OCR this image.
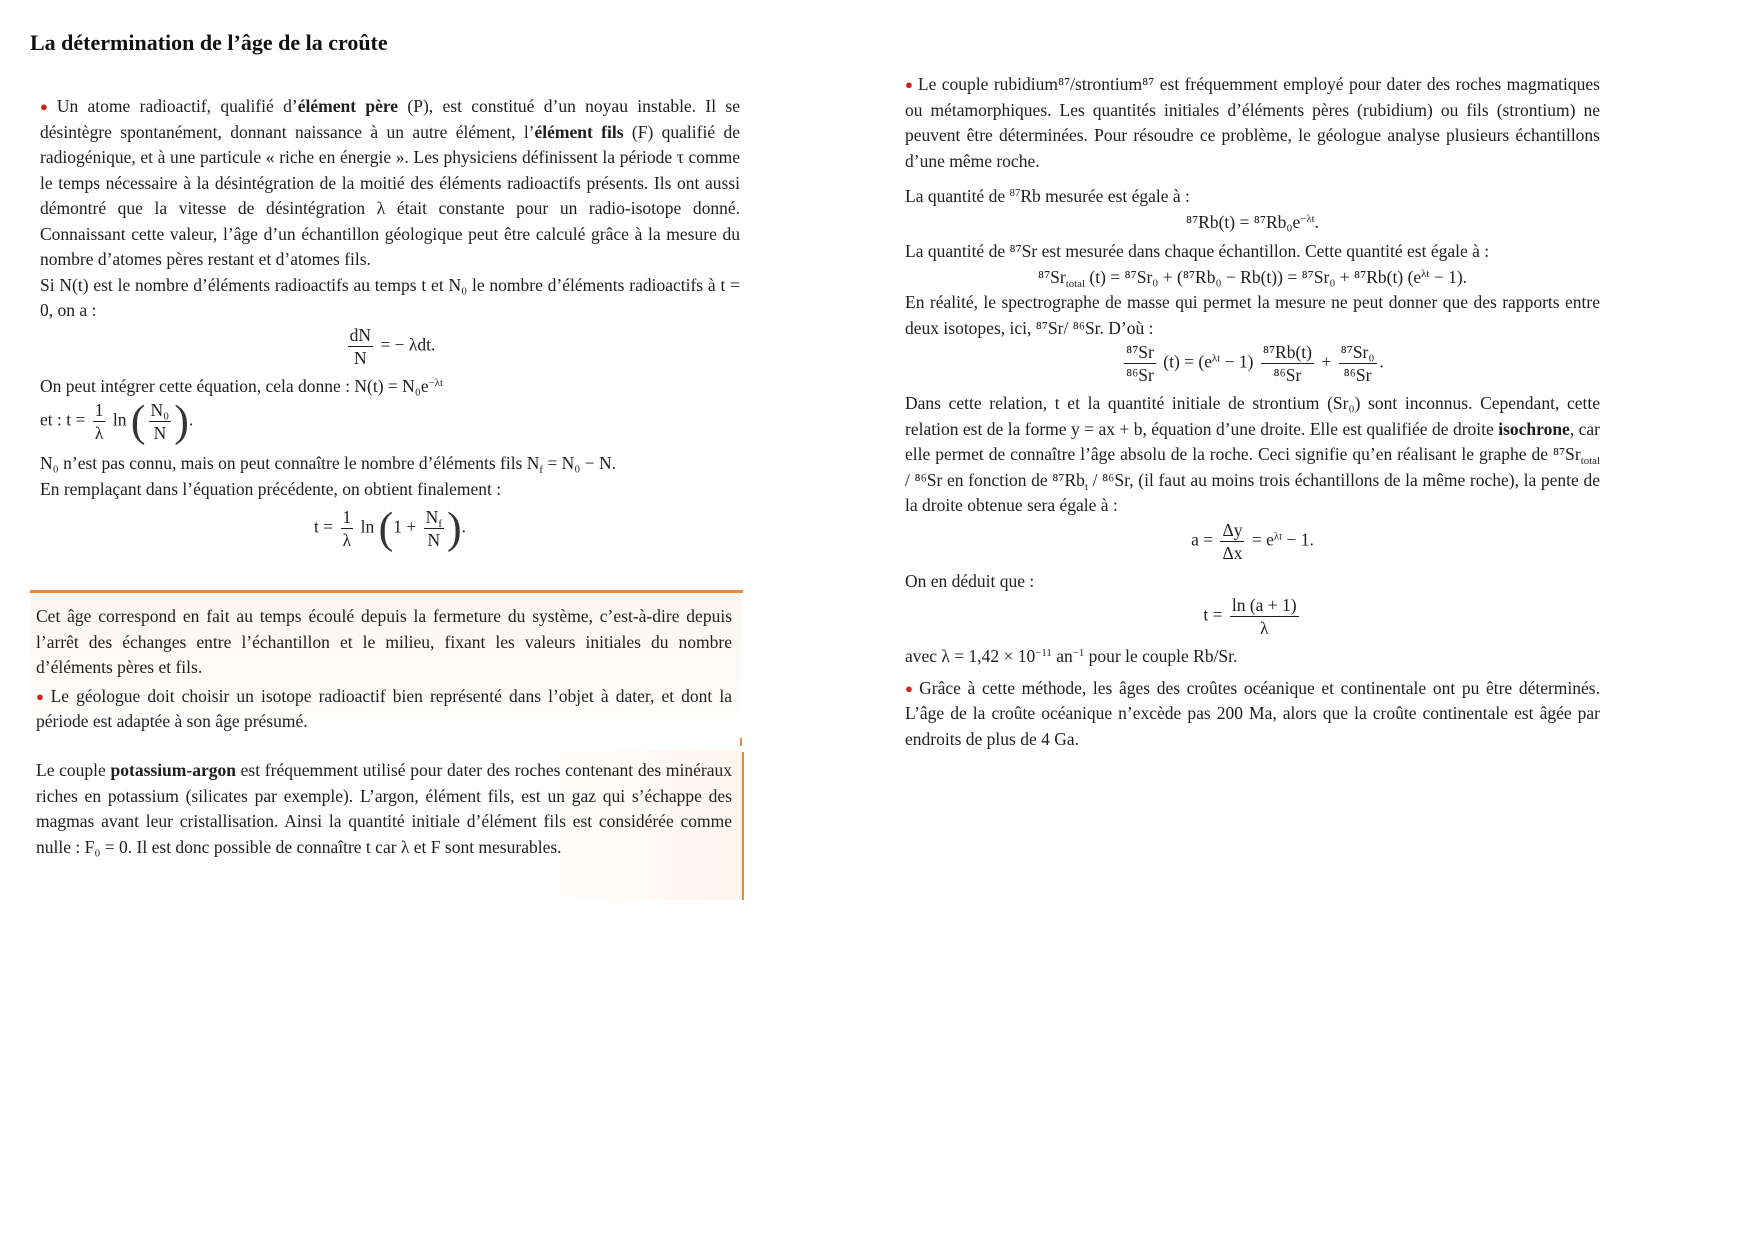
La détermination de l’âge de la croûte

● Un atome radioactif, qualifié d’élément père (P), est constitué d’un noyau instable. Il se désintègre spontanément, donnant naissance à un autre élément, l’élément fils (F) qualifié de radiogénique, et à une particule « riche en énergie ». Les physiciens définissent la période τ comme le temps nécessaire à la désintégration de la moitié des éléments radioactifs présents. Ils ont aussi démontré que la vitesse de désintégration λ était constante pour un radio-isotope donné. Connaissant cette valeur, l’âge d’un échantillon géologique peut être calculé grâce à la mesure du nombre d’atomes pères restant et d’atomes fils.

Si N(t) est le nombre d’éléments radioactifs au temps t et N₀ le nombre d’éléments radioactifs à t = 0, on a :

$\frac{dN}{N}$ = − λdt.

On peut intégrer cette équation, cela donne : $N(t) = N_0e^{-\lambda t}$

et : $t = \frac{1}{\lambda}$ ln ( $\frac{\text{N₀}}{N}$ ).

N₀ n’est pas connu, mais on peut connaître le nombre d’éléments fils $N_f = N_0 - N$.

En remplaçant dans l’équation précédente, on obtient finalement :

$t = \frac{1}{\lambda}$ $\ln (1 + \frac{N_f}{N}$ ).

Cet âge correspond en fait au temps écoulé depuis la fermeture du système, c’est-à-dire depuis l’arrêt des échanges entre l’échantillon et le milieu, fixant les valeurs initiales du nombre d’éléments pères et fils.

● Le géologue doit choisir un isotope radioactif bien représenté dans l’objet à dater, et dont la période est adaptée à son âge présumé.

Le couple potassium-argon est fréquemment utilisé pour dater des roches contenant des minéraux riches en potassium (silicates par exemple). L’argon, élément fils, est un gaz qui s’échappe des magmas avant leur cristallisation. Ainsi la quantité initiale d’élément fils est considérée comme nulle : F₀ = 0. Il est donc possible de connaître t car λ et F sont mesurables.

● Le couple rubidium⁸⁷/strontium⁸⁷ est fréquemment employé pour dater des roches magmatiques ou métamorphiques. Les quantités initiales d’éléments pères (rubidium) ou fils (strontium) ne peuvent être déterminées. Pour résoudre ce problème, le géologue analyse plusieurs échantillons d’une même roche.

La quantité de $^{87}$Rb mesurée est égale à :

$^{87}Rb(t) = ^{87}Rb_0e^{-\lambda t}$.

La quantité de ⁸⁷Sr est mesurée dans chaque échantillon. Cette quantité est égale à :

$^{87}Sr_{total}$ (t) = ⁸⁷Sr₀ + (⁸⁷Rb₀ − Rb(t)) = ⁸⁷Sr₀ + ⁸⁷Rb(t) $(e^{\lambda t} - 1)$.

En réalité, le spectrographe de masse qui permet la mesure ne peut donner que des rapports entre deux isotopes, ici, ⁸⁷Sr/ ⁸⁶Sr. D’où :

$\frac{\text{⁸⁷Sr}}{\text{⁸⁶Sr}} (t) = (e^{\lambda t} - 1) \frac{\text{⁸⁷Rb(t)}}{\text{⁸⁶Sr}} + \frac{\text{⁸⁷Sr₀}}{\text{⁸⁶Sr}}$ .

Dans cette relation, t et la quantité initiale de strontium (Sr₀) sont inconnus. Cependant, cette relation est de la forme y = ax + b, équation d’une droite. Elle est qualifiée de droite isochrone, car elle permet de connaître l’âge absolu de la roche. Ceci signifie qu’en réalisant le graphe de $^{87}Sr_{total} / ^{86}Sr$ en fonction de $^{87}Rb_t / ^{86}Sr$, (il faut au moins trois échantillons de la même roche), la pente de la droite obtenue sera égale à :

$a = \frac{\Delta y}{\Delta x} = e^{\lambda t} - 1$.

On en déduit que :

$t = \frac{\ln (a + 1)}{\lambda}$

avec $\lambda = 1,42 \times 10^{-11}$ $an^{-1}$ pour le couple Rb/Sr.

● Grâce à cette méthode, les âges des croûtes océanique et continentale ont pu être déterminés. L’âge de la croûte océanique n’excède pas 200 Ma, alors que la croûte continentale est âgée par endroits de plus de 4 Ga.
